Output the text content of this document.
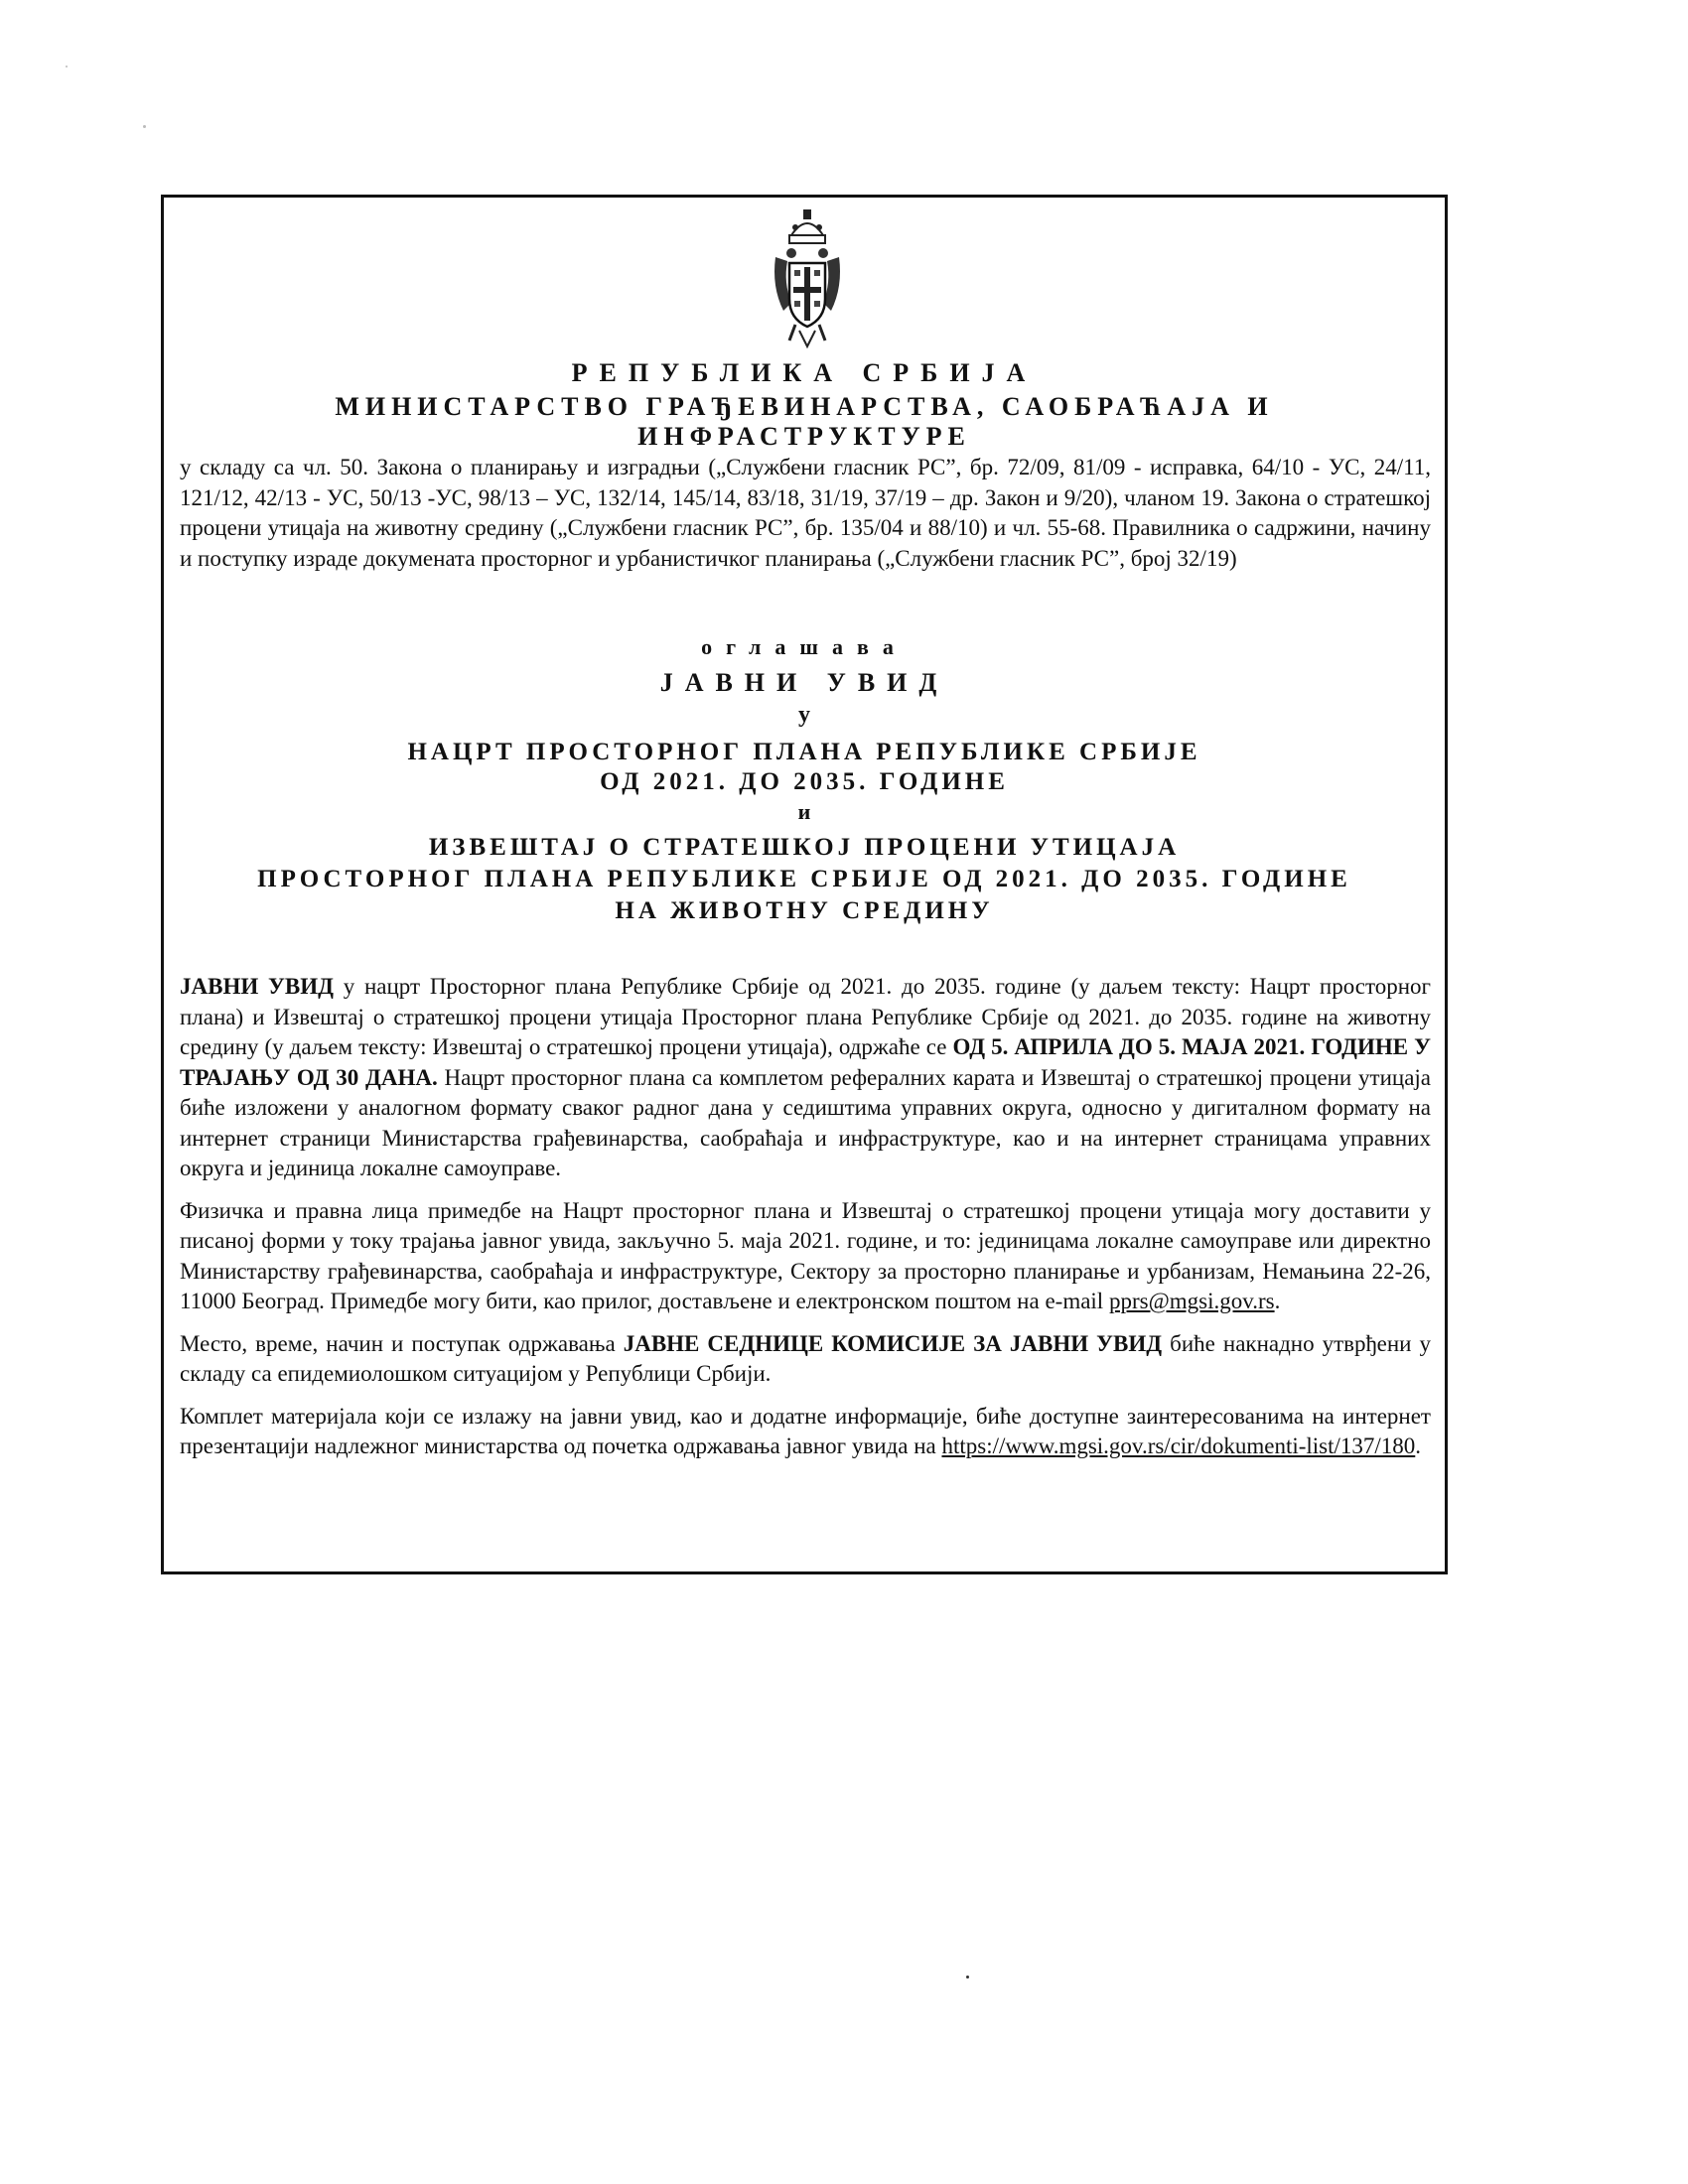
РЕПУБЛИКА СРБИЈА
МИНИСТАРСТВО ГРАЂЕВИНАРСТВА, САОБРАЋАЈА И
ИНФРАСТРУКТУРЕ
у складу са чл. 50. Закона о планирању и изградњи („Службени гласник РС”, бр. 72/09, 81/09 - исправка, 64/10 - УС, 24/11, 121/12, 42/13 - УС, 50/13 -УС, 98/13 – УС, 132/14, 145/14, 83/18, 31/19, 37/19 – др. Закон и 9/20), чланом 19. Закона о стратешкој процени утицаја на животну средину („Службени гласник РС”, бр. 135/04 и 88/10) и чл. 55-68. Правилника о садржини, начину и поступку израде докумената просторног и урбанистичког планирања („Службени гласник РС”, број 32/19)
оглашава
ЈАВНИ УВИД
у
НАЦРТ ПРОСТОРНОГ ПЛАНА РЕПУБЛИКЕ СРБИЈЕ
ОД 2021. ДО 2035. ГОДИНЕ
и
ИЗВЕШТАЈ О СТРАТЕШКОЈ ПРОЦЕНИ УТИЦАЈА
ПРОСТОРНОГ ПЛАНА РЕПУБЛИКЕ СРБИЈЕ ОД 2021. ДО 2035. ГОДИНЕ
НА ЖИВОТНУ СРЕДИНУ

ЈАВНИ УВИД у нацрт Просторног плана Републике Србије од 2021. до 2035. године (у даљем тексту: Нацрт просторног плана) и Извештај о стратешкој процени утицаја Просторног плана Републике Србије од 2021. до 2035. године на животну средину (у даљем тексту: Извештај о стратешкој процени утицаја), одржаће се ОД 5. АПРИЛА ДО 5. МАЈА 2021. ГОДИНЕ У ТРАЈАЊУ ОД 30 ДАНА. Нацрт просторног плана са комплетом рефералних карата и Извештај о стратешкој процени утицаја биће изложени у аналогном формату сваког радног дана у седиштима управних округа, односно у дигиталном формату на интернет страници Министарства грађевинарства, саобраћаја и инфраструктуре, као и на интернет страницама управних округа и јединица локалне самоуправе.

Физичка и правна лица примедбе на Нацрт просторног плана и Извештај о стратешкој процени утицаја могу доставити у писаној форми у току трајања јавног увида, закључно 5. маја 2021. године, и то: јединицама локалне самоуправе или директно Министарству грађевинарства, саобраћаја и инфраструктуре, Сектору за просторно планирање и урбанизам, Немањина 22-26, 11000 Београд. Примедбе могу бити, као прилог, достављене и електронском поштом на e-mail pprs@mgsi.gov.rs.

Место, време, начин и поступак одржавања ЈАВНЕ СЕДНИЦЕ КОМИСИЈЕ ЗА ЈАВНИ УВИД биће накнадно утврђени у складу са епидемиолошком ситуацијом у Републици Србији.

Комплет материјала који се излажу на јавни увид, као и додатне информације, биће доступне заинтересованима на интернет презентацији надлежног министарства од почетка одржавања јавног увида на https://www.mgsi.gov.rs/cir/dokumenti-list/137/180.
